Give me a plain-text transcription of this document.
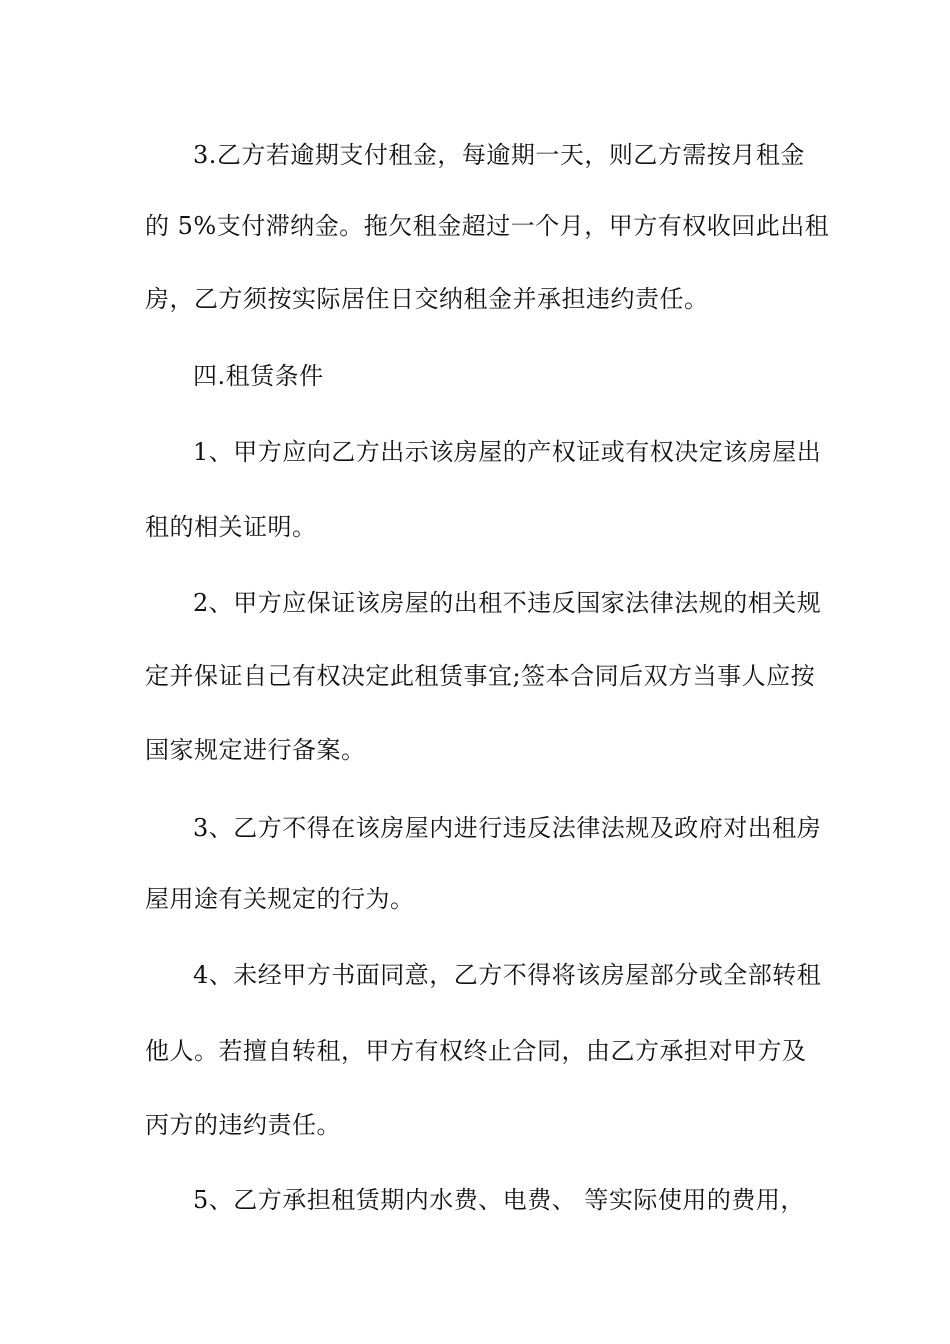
3.乙方若逾期支付租金，每逾期一天，则乙方需按月租金
的 5%支付滞纳金。拖欠租金超过一个月，甲方有权收回此出租
房，乙方须按实际居住日交纳租金并承担违约责任。
四.租赁条件
1、甲方应向乙方出示该房屋的产权证或有权决定该房屋出
租的相关证明。
2、甲方应保证该房屋的出租不违反国家法律法规的相关规
定并保证自己有权决定此租赁事宜;签本合同后双方当事人应按
国家规定进行备案。
3、乙方不得在该房屋内进行违反法律法规及政府对出租房
屋用途有关规定的行为。
4、未经甲方书面同意，乙方不得将该房屋部分或全部转租
他人。若擅自转租，甲方有权终止合同，由乙方承担对甲方及
丙方的违约责任。
5、乙方承担租赁期内水费、电费、 等实际使用的费用，
